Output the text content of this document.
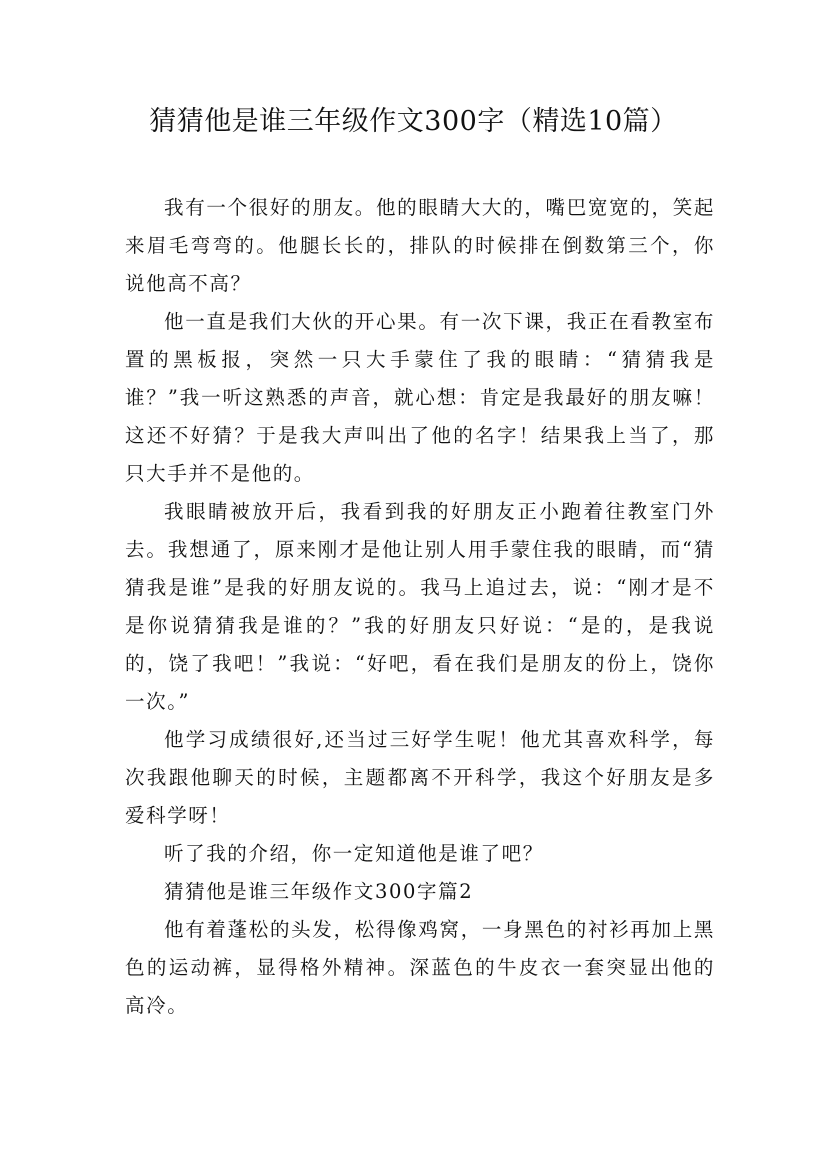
猜猜他是谁三年级作文300字（精选10篇）

我有一个很好的朋友。他的眼睛大大的，嘴巴宽宽的，笑起来眉毛弯弯的。他腿长长的，排队的时候排在倒数第三个，你说他高不高？

他一直是我们大伙的开心果。有一次下课，我正在看教室布置的黑板报，突然一只大手蒙住了我的眼睛：“猜猜我是谁？”我一听这熟悉的声音，就心想：肯定是我最好的朋友嘛！这还不好猜？于是我大声叫出了他的名字！结果我上当了，那只大手并不是他的。

我眼睛被放开后，我看到我的好朋友正小跑着往教室门外去。我想通了，原来刚才是他让别人用手蒙住我的眼睛，而“猜猜我是谁”是我的好朋友说的。我马上追过去，说：“刚才是不是你说猜猜我是谁的？”我的好朋友只好说：“是的，是我说的，饶了我吧！”我说：“好吧，看在我们是朋友的份上，饶你一次。”

他学习成绩很好,还当过三好学生呢！他尤其喜欢科学，每次我跟他聊天的时候，主题都离不开科学，我这个好朋友是多爱科学呀！

听了我的介绍，你一定知道他是谁了吧？

猜猜他是谁三年级作文300字篇2

他有着蓬松的头发，松得像鸡窝，一身黑色的衬衫再加上黑色的运动裤，显得格外精神。深蓝色的牛皮衣一套突显出他的高冷。
